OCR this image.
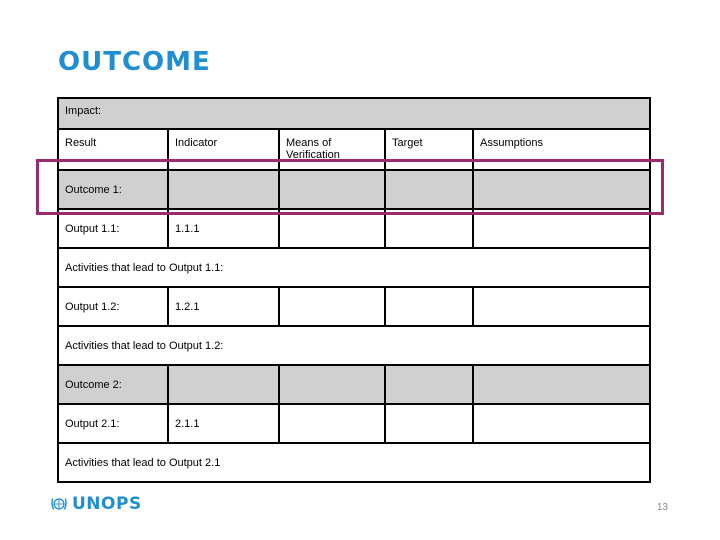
OUTCOME
Impact:				
Result	Indicator	Means of Verification	Target	Assumptions
Outcome 1:				
Output 1.1:	1.1.1			
Activities that lead to Output 1.1:				
Output 1.2:	1.2.1			
Activities that lead to Output 1.2:				
Outcome 2:				
Output 2.1:	2.1.1			
Activities that lead to Output 2.1				
UNOPS	13
